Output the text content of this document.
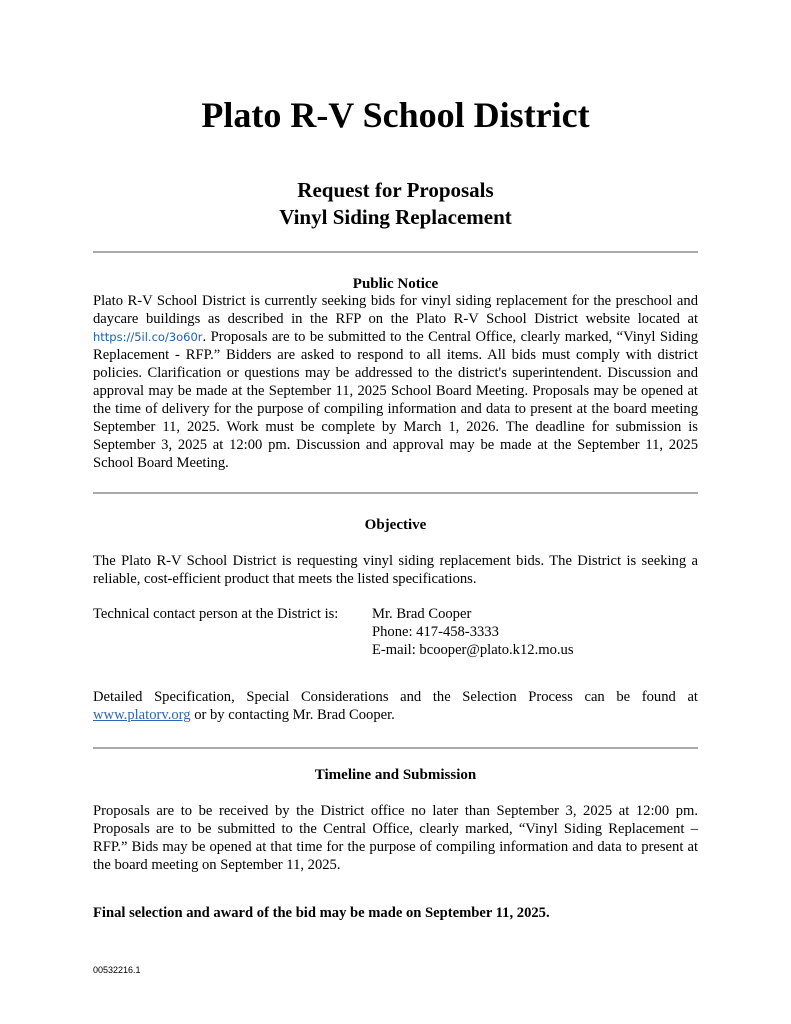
Plato R-V School District
Request for Proposals
Vinyl Siding Replacement
Public Notice
Plato R-V School District is currently seeking bids for vinyl siding replacement for the preschool and daycare buildings as described in the RFP on the Plato R-V School District website located at https://5il.co/3o60r. Proposals are to be submitted to the Central Office, clearly marked, “Vinyl Siding Replacement - RFP.” Bidders are asked to respond to all items. All bids must comply with district policies. Clarification or questions may be addressed to the district's superintendent. Discussion and approval may be made at the September 11, 2025 School Board Meeting. Proposals may be opened at the time of delivery for the purpose of compiling information and data to present at the board meeting September 11, 2025. Work must be complete by March 1, 2026. The deadline for submission is September 3, 2025 at 12:00 pm. Discussion and approval may be made at the September 11, 2025 School Board Meeting.
Objective
The Plato R-V School District is requesting vinyl siding replacement bids. The District is seeking a reliable, cost-efficient product that meets the listed specifications.
Technical contact person at the District is: Mr. Brad Cooper
Phone: 417-458-3333
E-mail: bcooper@plato.k12.mo.us
Detailed Specification, Special Considerations and the Selection Process can be found at www.platorv.org or by contacting Mr. Brad Cooper.
Timeline and Submission
Proposals are to be received by the District office no later than September 3, 2025 at 12:00 pm. Proposals are to be submitted to the Central Office, clearly marked, “Vinyl Siding Replacement – RFP.” Bids may be opened at that time for the purpose of compiling information and data to present at the board meeting on September 11, 2025.
Final selection and award of the bid may be made on September 11, 2025.
00532216.1
